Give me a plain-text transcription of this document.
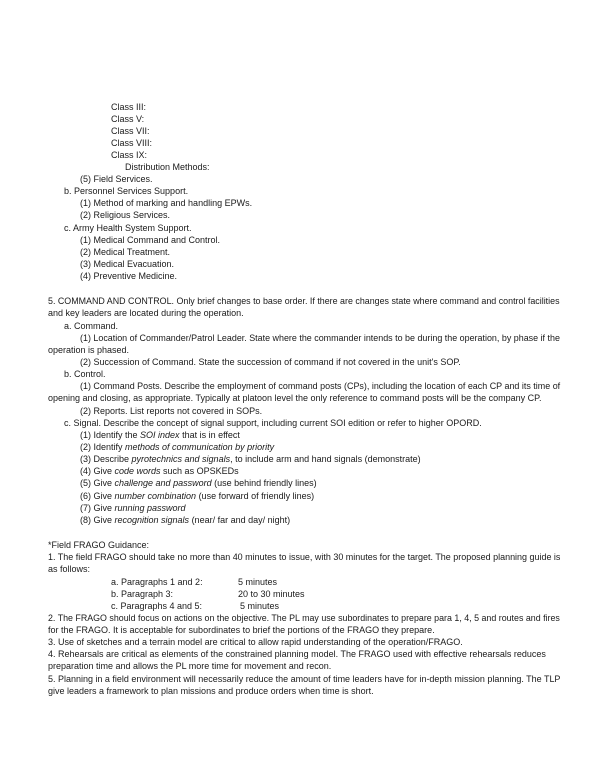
Class III:
Class V:
Class VII:
Class VIII:
Class IX:
Distribution Methods:
(5) Field Services.
b. Personnel Services Support.
(1) Method of marking and handling EPWs.
(2) Religious Services.
c. Army Health System Support.
(1) Medical Command and Control.
(2) Medical Treatment.
(3) Medical Evacuation.
(4) Preventive Medicine.
5. COMMAND AND CONTROL. Only brief changes to base order. If there are changes state where command and control facilities
and key leaders are located during the operation.
a. Command.
(1) Location of Commander/Patrol Leader. State where the commander intends to be during the operation, by phase if the
operation is phased.
(2) Succession of Command. State the succession of command if not covered in the unit's SOP.
b. Control.
(1) Command Posts. Describe the employment of command posts (CPs), including the location of each CP and its time of
opening and closing, as appropriate. Typically at platoon level the only reference to command posts will be the company CP.
(2) Reports. List reports not covered in SOPs.
c. Signal. Describe the concept of signal support, including current SOI edition or refer to higher OPORD.
(1) Identify the SOI index that is in effect
(2) Identify methods of communication by priority
(3) Describe pyrotechnics and signals, to include arm and hand signals (demonstrate)
(4) Give code words such as OPSKEDs
(5) Give challenge and password (use behind friendly lines)
(6) Give number combination (use forward of friendly lines)
(7) Give running password
(8) Give recognition signals (near/ far and day/ night)
*Field FRAGO Guidance:
1. The field FRAGO should take no more than 40 minutes to issue, with 30 minutes for the target. The proposed planning guide is
as follows:
a. Paragraphs 1 and 2:	5 minutes
b. Paragraph 3:	20 to 30 minutes
c. Paragraphs 4 and 5:	5 minutes
2. The FRAGO should focus on actions on the objective. The PL may use subordinates to prepare para 1, 4, 5 and routes and fires
for the FRAGO. It is acceptable for subordinates to brief the portions of the FRAGO they prepare.
3. Use of sketches and a terrain model are critical to allow rapid understanding of the operation/FRAGO.
4. Rehearsals are critical as elements of the constrained planning model. The FRAGO used with effective rehearsals reduces
preparation time and allows the PL more time for movement and recon.
5. Planning in a field environment will necessarily reduce the amount of time leaders have for in-depth mission planning. The TLP
give leaders a framework to plan missions and produce orders when time is short.
